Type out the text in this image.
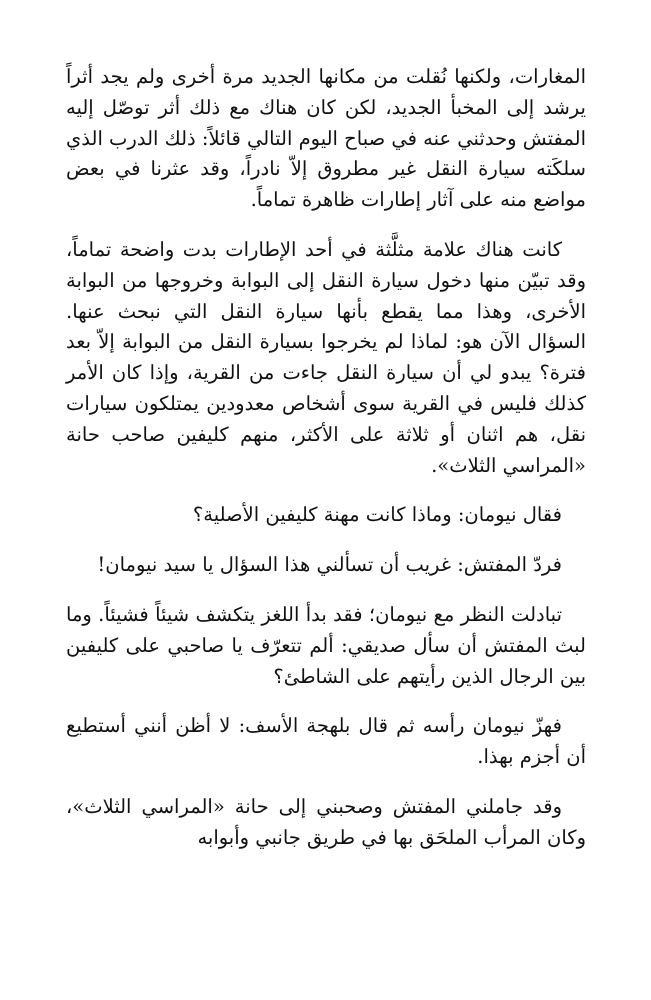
المغارات، ولكنها نُقلت من مكانها الجديد مرة أخرى ولم يجد أثراً يرشد إلى المخبأ الجديد، لكن كان هناك مع ذلك أثر توصّل إليه المفتش وحدثني عنه في صباح اليوم التالي قائلاً: ذلك الدرب الذي سلكَته سيارة النقل غير مطروق إلاّ نادراً، وقد عثرنا في بعض مواضع منه على آثار إطارات ظاهرة تماماً.

كانت هناك علامة مثلَّثة في أحد الإطارات بدت واضحة تماماً، وقد تبيّن منها دخول سيارة النقل إلى البوابة وخروجها من البوابة الأخرى، وهذا مما يقطع بأنها سيارة النقل التي نبحث عنها. السؤال الآن هو: لماذا لم يخرجوا بسيارة النقل من البوابة إلاّ بعد فترة؟ يبدو لي أن سيارة النقل جاءت من القرية، وإذا كان الأمر كذلك فليس في القرية سوى أشخاص معدودين يمتلكون سيارات نقل، هم اثنان أو ثلاثة على الأكثر، منهم كليفين صاحب حانة «المراسي الثلاث».

فقال نيومان: وماذا كانت مهنة كليفين الأصلية؟

فردّ المفتش: غريب أن تسألني هذا السؤال يا سيد نيومان!

تبادلت النظر مع نيومان؛ فقد بدأ اللغز يتكشف شيئاً فشيئاً. وما لبث المفتش أن سأل صديقي: ألم تتعرّف يا صاحبي على كليفين بين الرجال الذين رأيتهم على الشاطئ؟

فهزّ نيومان رأسه ثم قال بلهجة الأسف: لا أظن أنني أستطيع أن أجزم بهذا.

وقد جاملني المفتش وصحبني إلى حانة «المراسي الثلاث»، وكان المرأب الملحَق بها في طريق جانبي وأبوابه
